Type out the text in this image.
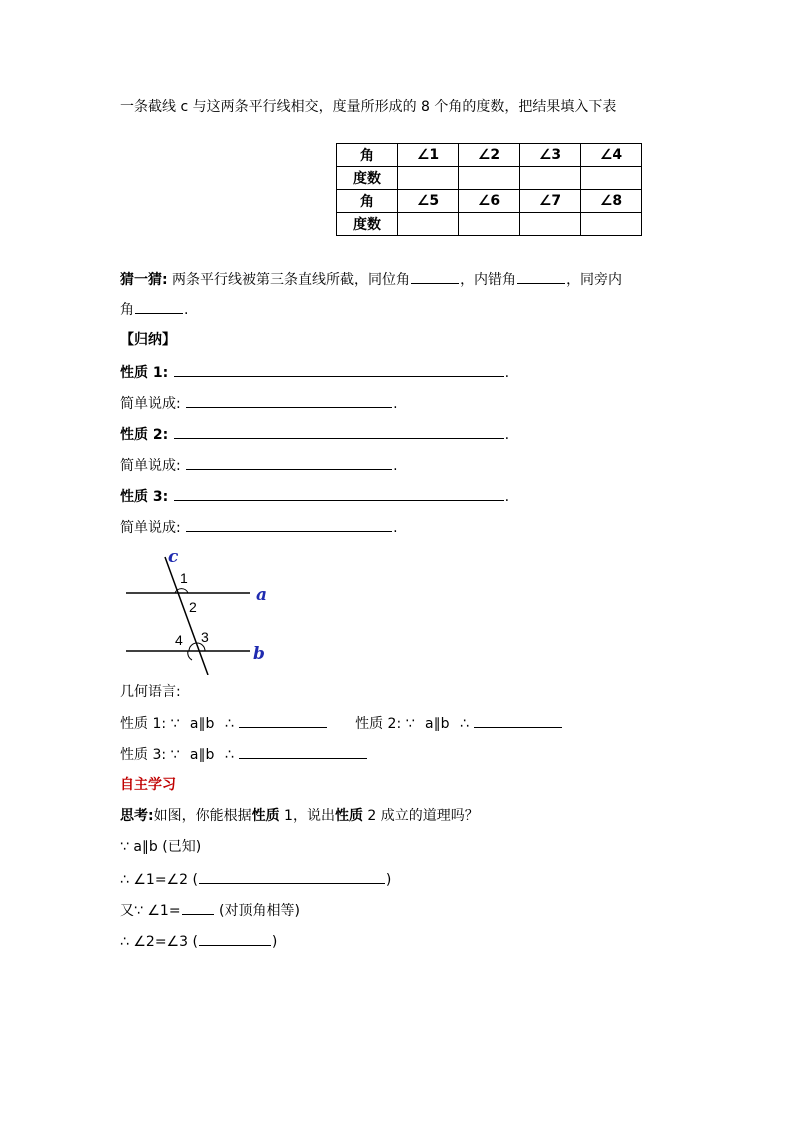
一条截线 c 与这两条平行线相交，度量所形成的 8 个角的度数，把结果填入下表
角	∠1	∠2	∠3	∠4
度数				
角	∠5	∠6	∠7	∠8
度数				
猜一猜: 两条平行线被第三条直线所截，同位角	，内错角	，同旁内
角	.
【归纳】
性质 1:	.
简单说成:	.
性质 2:	.
简单说成:	.
性质 3:	.
简单说成:	.
c
a
b
1
2
3
4
几何语言:
性质 1: ∵ a∥b ∴	性质 2: ∵ a∥b ∴
性质 3: ∵ a∥b ∴
自主学习
思考:如图，你能根据性质 1，说出性质 2 成立的道理吗？
∵ a∥b (已知)
∴ ∠1=∠2 (	)
又∵ ∠1= (对顶角相等)
∴ ∠2=∠3 (	)
